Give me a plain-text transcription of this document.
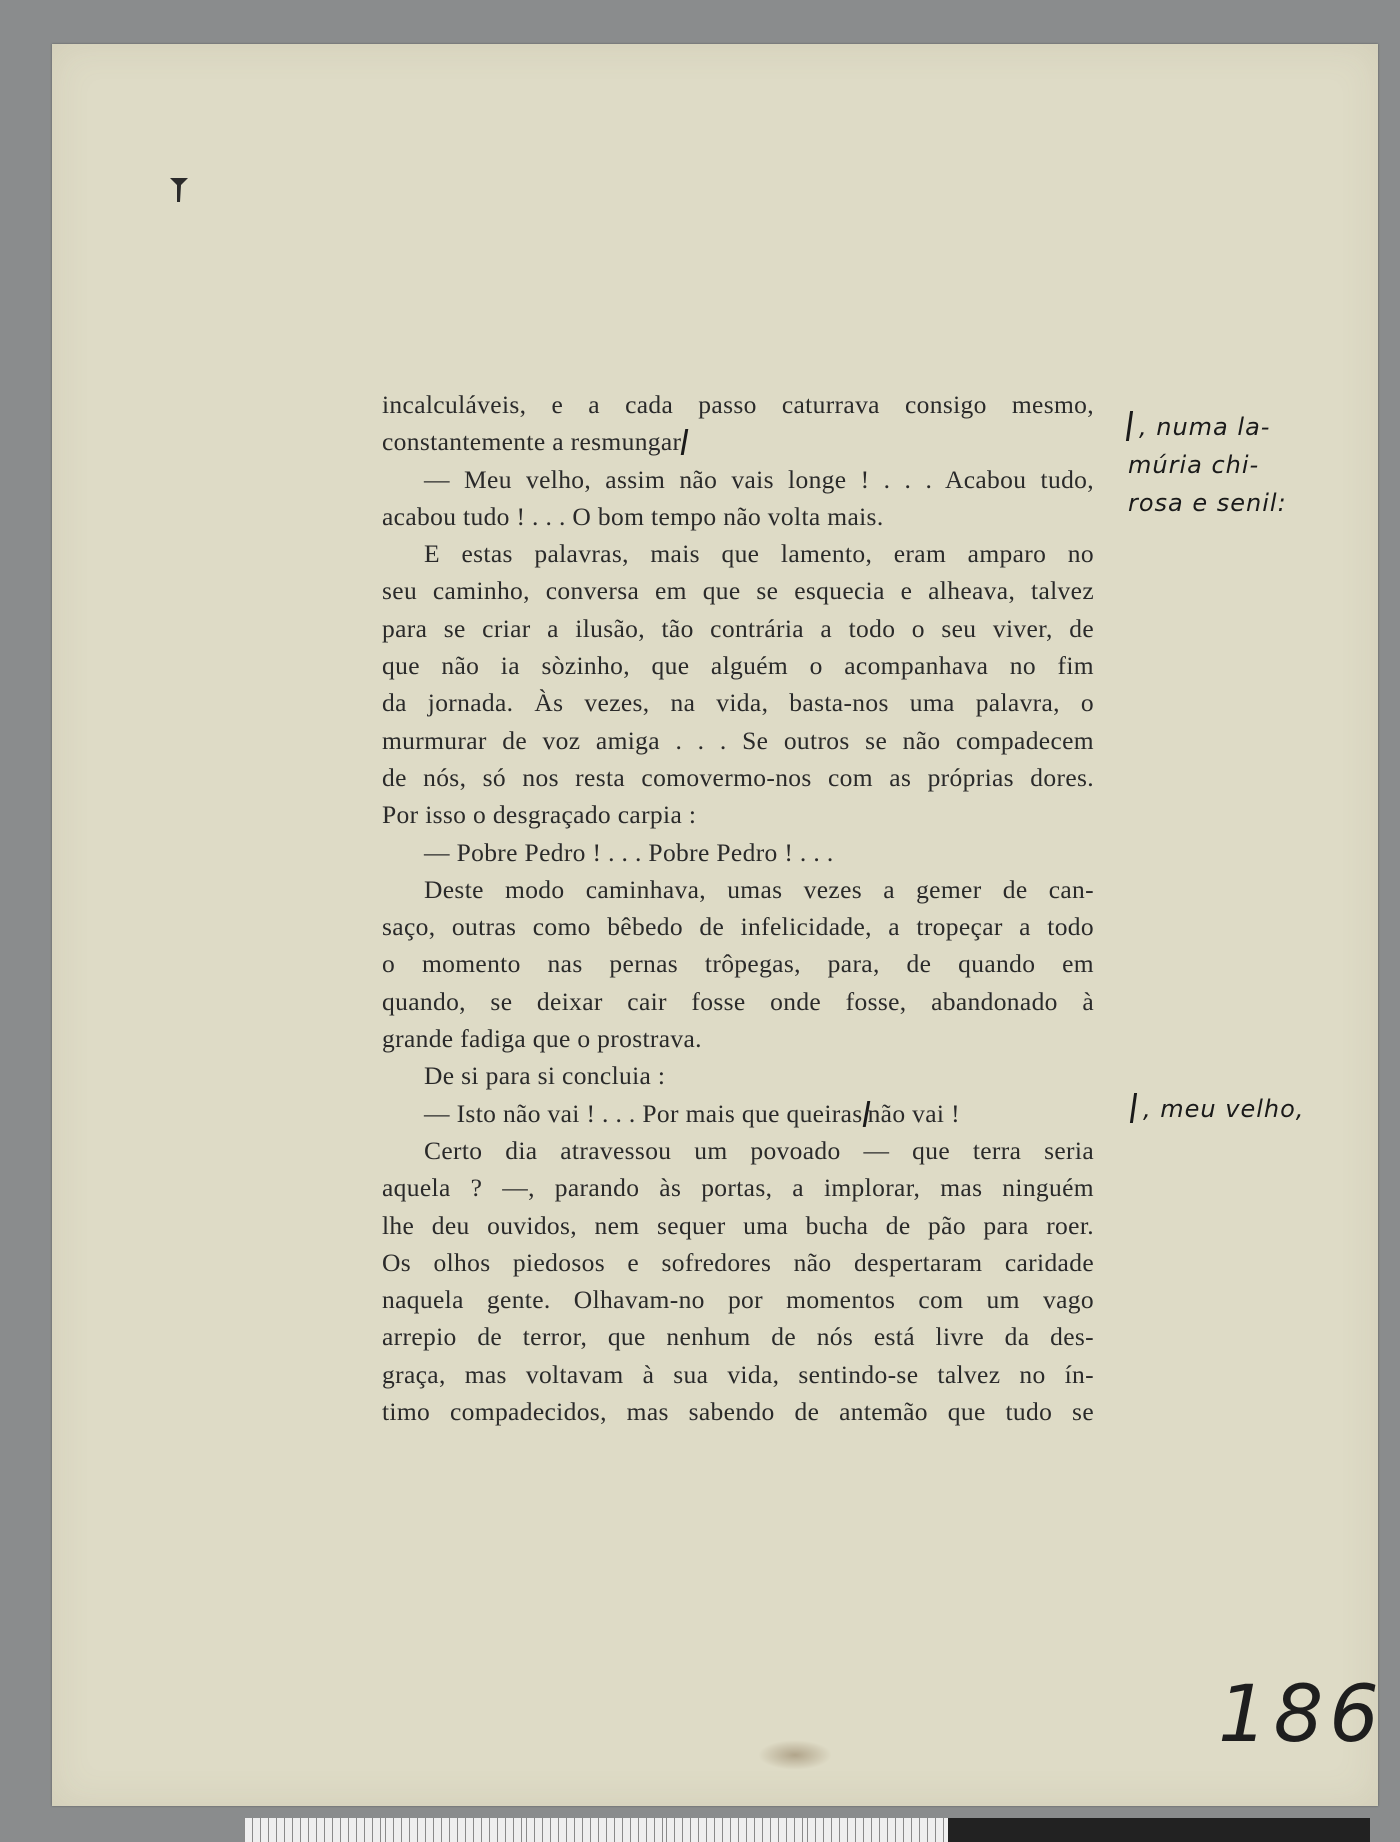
incalculáveis, e a cada passo caturrava consigo mesmo,
constantemente a resmungar
— Meu velho, assim não vais longe ! . . . Acabou tudo,
acabou tudo ! . . . O bom tempo não volta mais.
E estas palavras, mais que lamento, eram amparo no
seu caminho, conversa em que se esquecia e alheava, talvez
para se criar a ilusão, tão contrária a todo o seu viver, de
que não ia sòzinho, que alguém o acompanhava no fim
da jornada. Às vezes, na vida, basta-nos uma palavra, o
murmurar de voz amiga . . . Se outros se não compadecem
de nós, só nos resta comovermo-nos com as próprias dores.
Por isso o desgraçado carpia :
— Pobre Pedro ! . . . Pobre Pedro ! . . .
Deste modo caminhava, umas vezes a gemer de can-
saço, outras como bêbedo de infelicidade, a tropeçar a todo
o momento nas pernas trôpegas, para, de quando em
quando, se deixar cair fosse onde fosse, abandonado à
grande fadiga que o prostrava.
De si para si concluia :
— Isto não vai ! . . . Por mais que queiras não vai !
Certo dia atravessou um povoado — que terra seria
aquela ? —, parando às portas, a implorar, mas ninguém
lhe deu ouvidos, nem sequer uma bucha de pão para roer.
Os olhos piedosos e sofredores não despertaram caridade
naquela gente. Olhavam-no por momentos com um vago
arrepio de terror, que nenhum de nós está livre da des-
graça, mas voltavam à sua vida, sentindo-se talvez no ín-
timo compadecidos, mas sabendo de antemão que tudo se
, numa la-
múria chi-
rosa e senil:
, meu velho,
186
